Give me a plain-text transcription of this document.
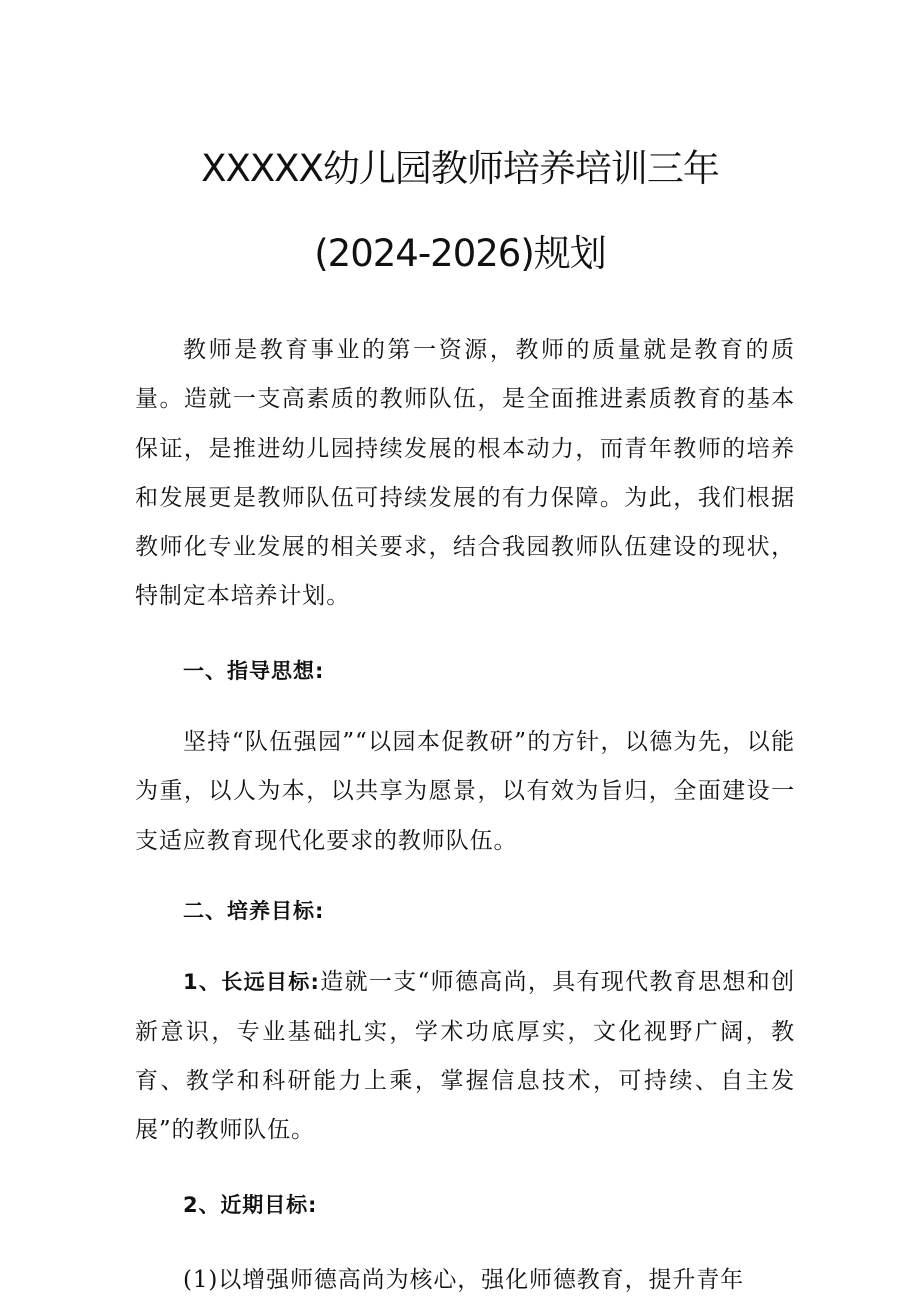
XXXXX幼儿园教师培养培训三年
(2024-2026)规划

教师是教育事业的第一资源，教师的质量就是教育的质量。造就一支高素质的教师队伍，是全面推进素质教育的基本保证，是推进幼儿园持续发展的根本动力，而青年教师的培养和发展更是教师队伍可持续发展的有力保障。为此，我们根据教师化专业发展的相关要求，结合我园教师队伍建设的现状，特制定本培养计划。

一、指导思想:

坚持“队伍强园”“以园本促教研”的方针，以德为先，以能为重，以人为本，以共享为愿景，以有效为旨归，全面建设一支适应教育现代化要求的教师队伍。

二、培养目标:

1、长远目标:造就一支“师德高尚，具有现代教育思想和创新意识，专业基础扎实，学术功底厚实，文化视野广阔，教育、教学和科研能力上乘，掌握信息技术，可持续、自主发展”的教师队伍。

2、近期目标:

(1)以增强师德高尚为核心，强化师德教育，提升青年
